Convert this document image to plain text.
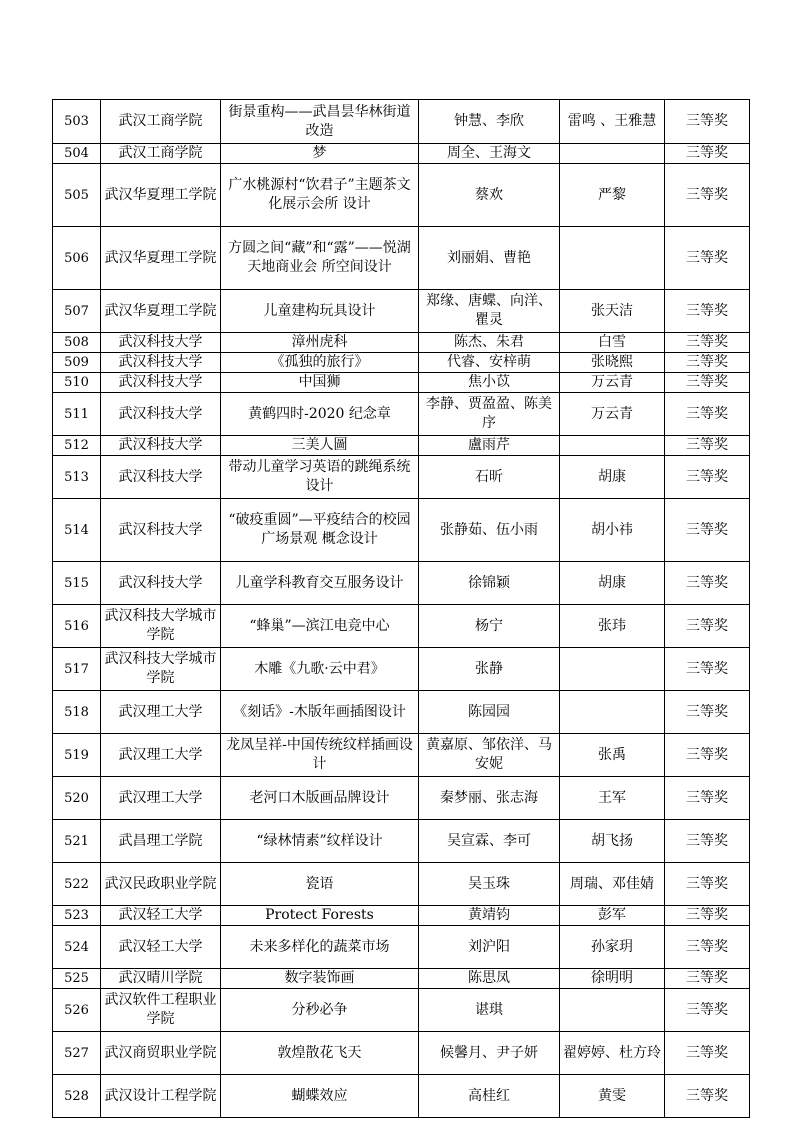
503	武汉工商学院	街景重构——武昌昙华林街道改造	钟慧、李欣	雷鸣 、王雅慧	三等奖
504	武汉工商学院	梦	周全、王海文		三等奖
505	武汉华夏理工学院	广水桃源村“饮君子”主题茶文化展示会所 设计	蔡欢	严黎	三等奖
506	武汉华夏理工学院	方圆之间“藏”和“露”——悦湖天地商业会 所空间设计	刘丽娟、曹艳		三等奖
507	武汉华夏理工学院	儿童建构玩具设计	郑缘、唐蝶、向洋、瞿灵	张天洁	三等奖
508	武汉科技大学	漳州虎科	陈杰、朱君	白雪	三等奖
509	武汉科技大学	《孤独的旅行》	代睿、安梓萌	张晓熙	三等奖
510	武汉科技大学	中国狮	焦小苡	万云青	三等奖
511	武汉科技大学	黄鹤四时-2020 纪念章	李静、贾盈盈、陈美序	万云青	三等奖
512	武汉科技大学	三美人圖	盧雨芹		三等奖
513	武汉科技大学	带动儿童学习英语的跳绳系统设计	石昕	胡康	三等奖
514	武汉科技大学	“破疫重圆”—平疫结合的校园广场景观 概念设计	张静茹、伍小雨	胡小祎	三等奖
515	武汉科技大学	儿童学科教育交互服务设计	徐锦颖	胡康	三等奖
516	武汉科技大学城市学院	“蜂巢”—滨江电竞中心	杨宁	张玮	三等奖
517	武汉科技大学城市学院	木雕《九歌·云中君》	张静		三等奖
518	武汉理工大学	《刻话》-木版年画插图设计	陈园园		三等奖
519	武汉理工大学	龙凤呈祥-中国传统纹样插画设计	黄嘉原、邹依洋、马安妮	张禹	三等奖
520	武汉理工大学	老河口木版画品牌设计	秦梦丽、张志海	王军	三等奖
521	武昌理工学院	“绿林情素”纹样设计	吴宣霖、李可	胡飞扬	三等奖
522	武汉民政职业学院	瓷语	吴玉珠	周瑞、邓佳婧	三等奖
523	武汉轻工大学	Protect Forests	黄靖钧	彭军	三等奖
524	武汉轻工大学	未来多样化的蔬菜市场	刘沪阳	孙家玥	三等奖
525	武汉晴川学院	数字装饰画	陈思凤	徐明明	三等奖
526	武汉软件工程职业学院	分秒必争	谌琪		三等奖
527	武汉商贸职业学院	敦煌散花飞天	候馨月、尹子妍	翟婷婷、杜方玲	三等奖
528	武汉设计工程学院	蝴蝶效应	高桂红	黄雯	三等奖
